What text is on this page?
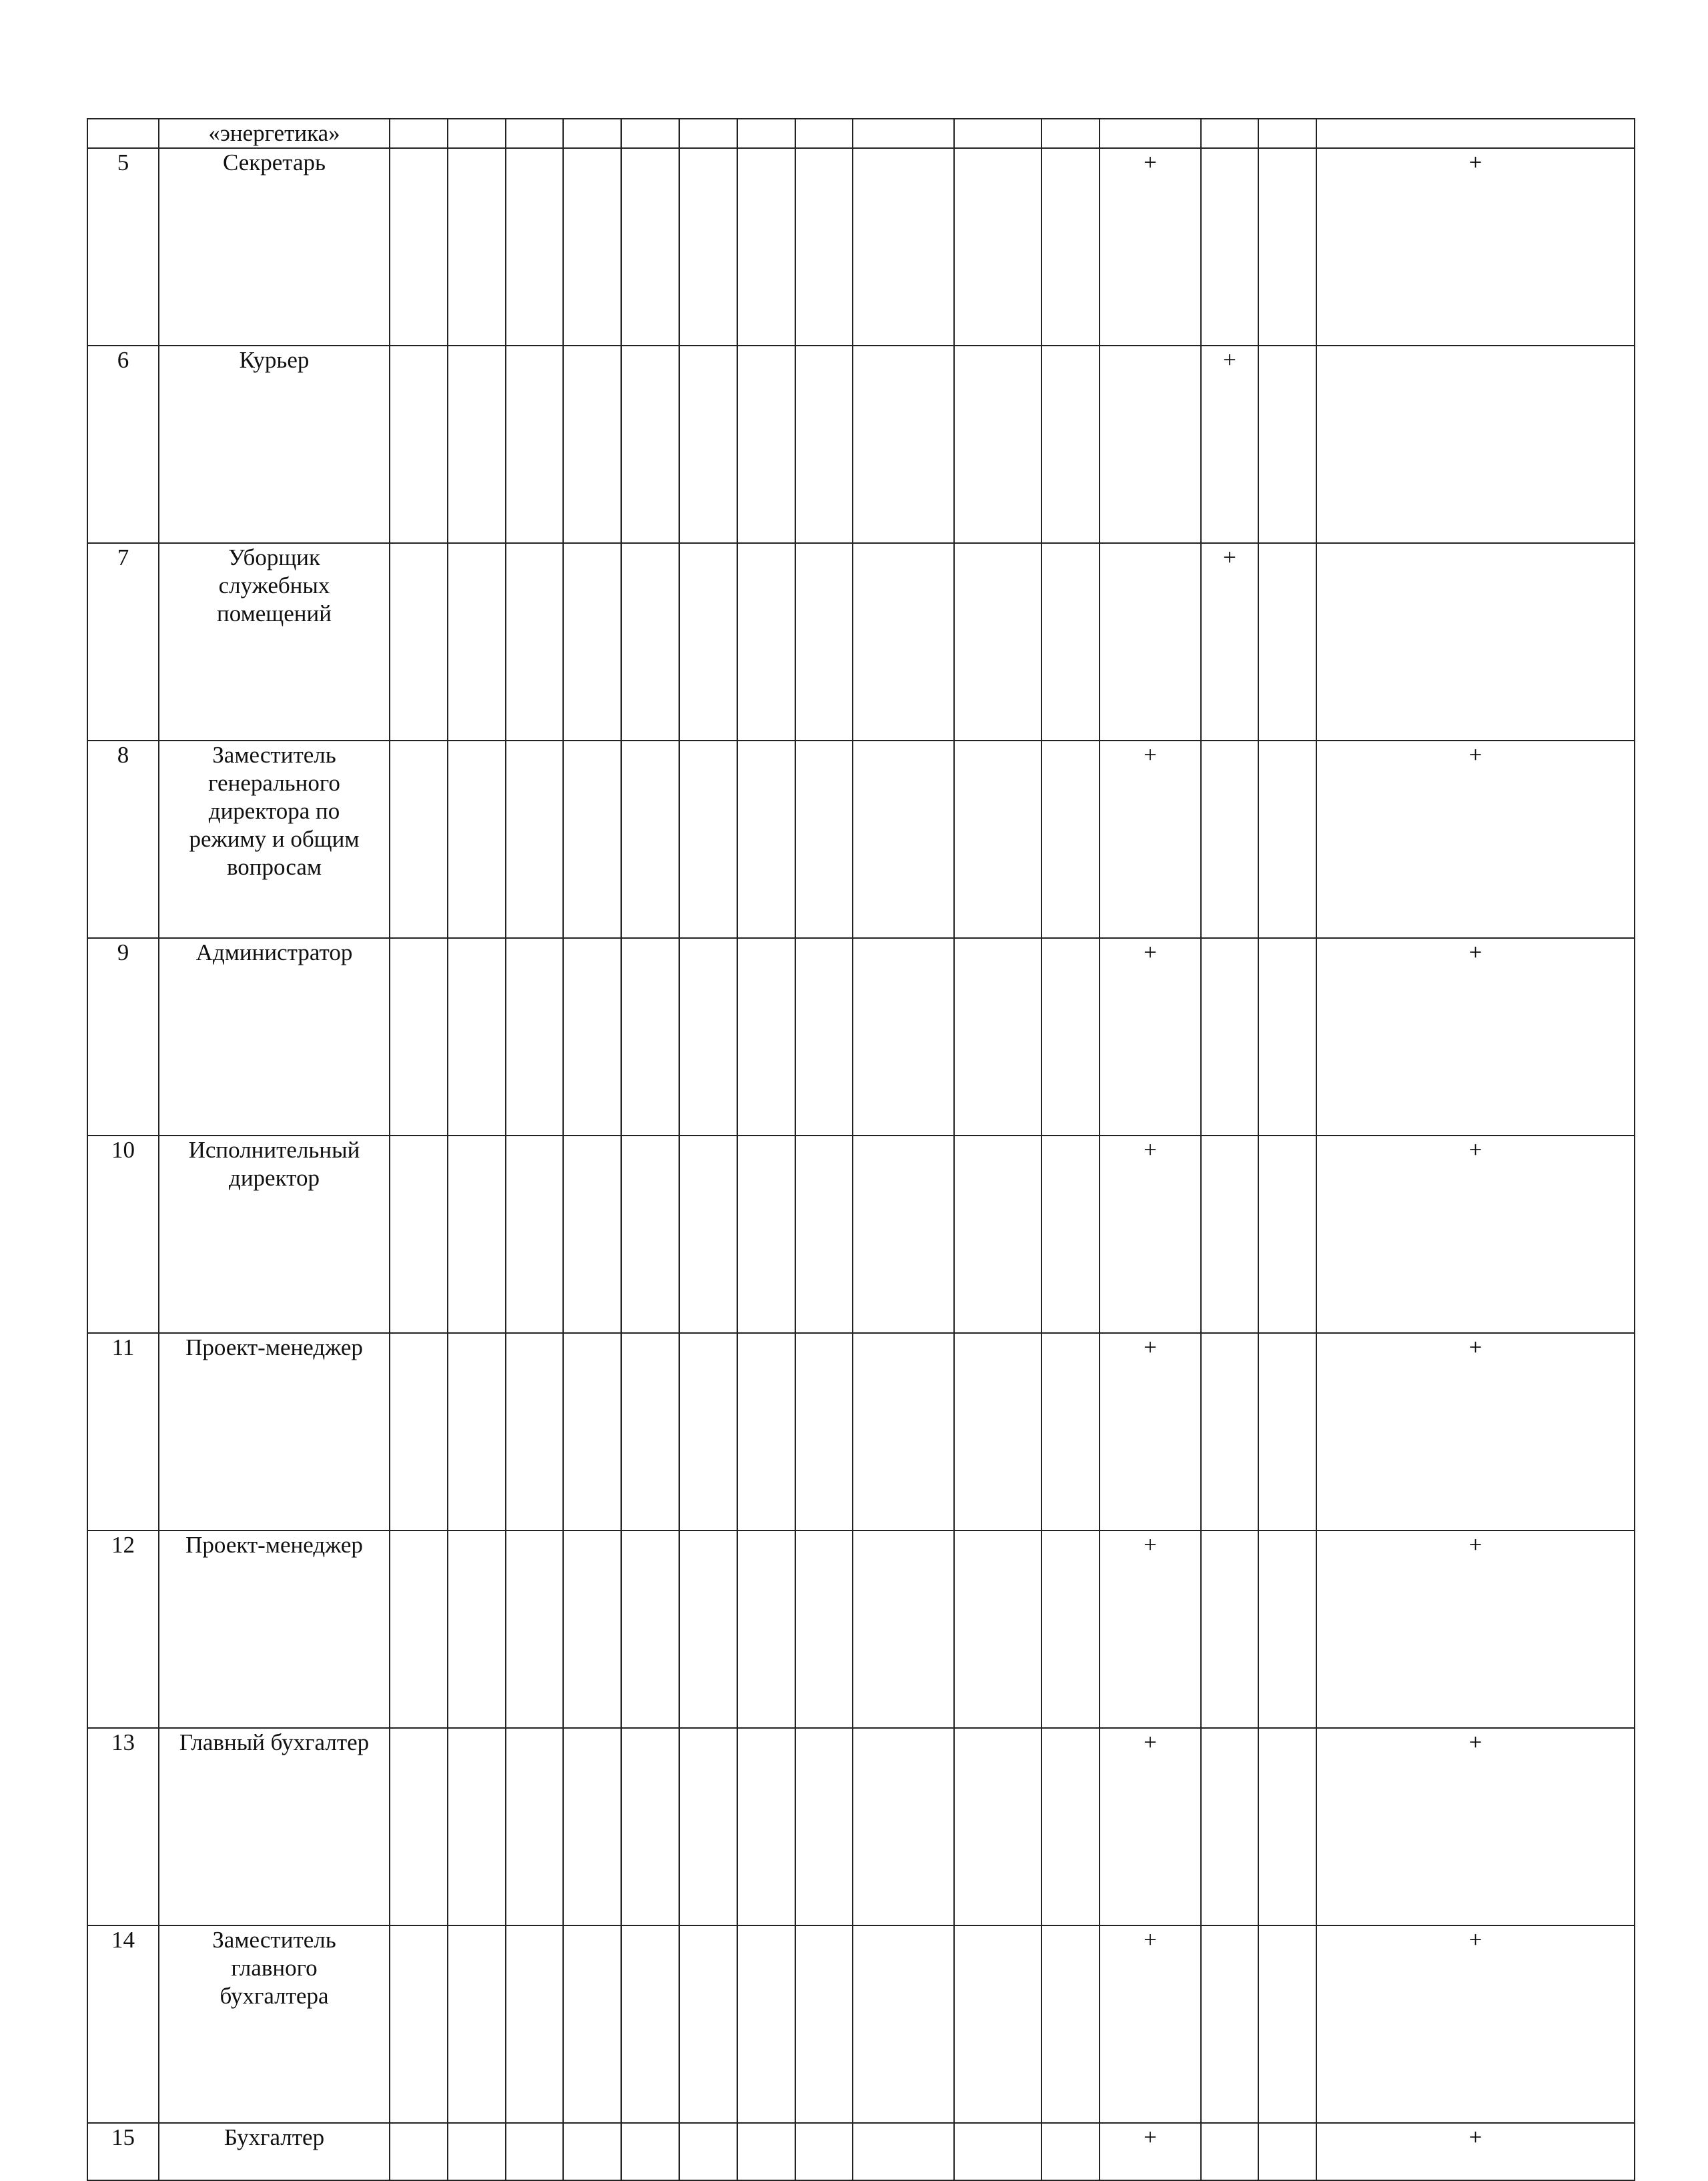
	«энергетика»																

5	Секретарь												+			+

6	Курьер													+

7	Уборщик
служебных
помещений													+

8	Заместитель
генерального
директора по
режиму и общим
вопросам												+			+

9	Администратор												+			+

10	Исполнительный
директор												+			+

11	Проект-менеджер												+			+

12	Проект-менеджер												+			+

13	Главный бухгалтер												+			+

14	Заместитель
главного
бухгалтера												+			+

15	Бухгалтер												+			+
